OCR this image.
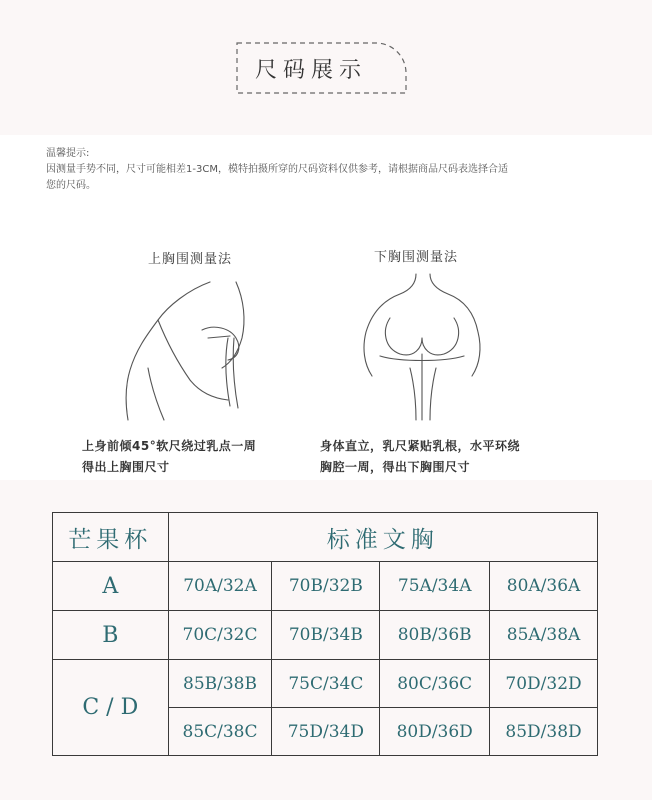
尺码展示
温馨提示:
因测量手势不同，尺寸可能相差1-3CM，模特拍摄所穿的尺码资料仅供参考，请根据商品尺码表选择合适
您的尺码。
上胸围测量法
上身前倾45°软尺绕过乳点一周
得出上胸围尺寸
下胸围测量法
身体直立，乳尺紧贴乳根，水平环绕
胸腔一周，得出下胸围尺寸
芒果杯	标准文胸			
A	70A/32A	70B/32B	75A/34A	80A/36A
B	70C/32C	70B/34B	80B/36B	85A/38A
C / D	85B/38B	75C/34C	80C/36C	70D/32D
	85C/38C	75D/34D	80D/36D	85D/38D
